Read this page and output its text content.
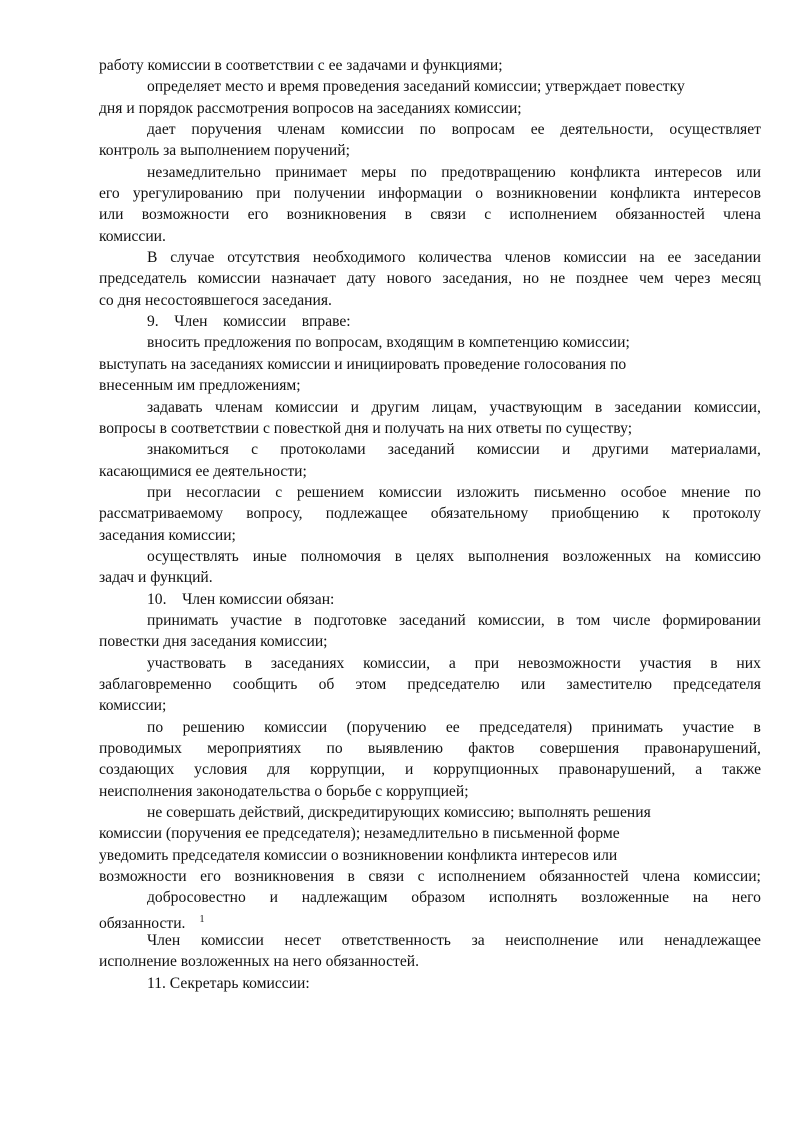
работу комиссии в соответствии с ее задачами и функциями;
определяет место и время проведения заседаний комиссии; утверждает повестку
дня и порядок рассмотрения вопросов на заседаниях комиссии;
дает поручения членам комиссии по вопросам ее деятельности, осуществляет
контроль за выполнением поручений;
незамедлительно принимает меры по предотвращению конфликта интересов или
его урегулированию при получении информации о возникновении конфликта интересов
или возможности его возникновения в связи с исполнением обязанностей члена
комиссии.
В случае отсутствия необходимого количества членов комиссии на ее заседании
председатель комиссии назначает дату нового заседания, но не позднее чем через месяц
со дня несостоявшегося заседания.
9.    Член    комиссии    вправе:
вносить предложения по вопросам, входящим в компетенцию комиссии;
выступать на заседаниях комиссии и инициировать проведение голосования по
внесенным им предложениям;
задавать членам комиссии и другим лицам, участвующим в заседании комиссии,
вопросы в соответствии с повесткой дня и получать на них ответы по существу;
знакомиться с протоколами заседаний комиссии и другими материалами,
касающимися ее деятельности;
при несогласии с решением комиссии изложить письменно особое мнение по
рассматриваемому вопросу, подлежащее обязательному приобщению к протоколу
заседания комиссии;
осуществлять иные полномочия в целях выполнения возложенных на комиссию
задач и функций.
10.    Член комиссии обязан:
принимать участие в подготовке заседаний комиссии, в том числе формировании
повестки дня заседания комиссии;
участвовать в заседаниях комиссии, а при невозможности участия в них
заблаговременно сообщить об этом председателю или заместителю председателя
комиссии;
по решению комиссии (поручению ее председателя) принимать участие в
проводимых мероприятиях по выявлению фактов совершения правонарушений,
создающих условия для коррупции, и коррупционных правонарушений, а также
неисполнения законодательства о борьбе с коррупцией;
не совершать действий, дискредитирующих комиссию; выполнять решения
комиссии (поручения ее председателя); незамедлительно в письменной форме
уведомить председателя комиссии о возникновении конфликта интересов или
возможности его возникновения в связи с исполнением обязанностей члена комиссии;
добросовестно и надлежащим образом исполнять возложенные на него
обязанности. $^1$
Член комиссии несет ответственность за неисполнение или ненадлежащее
исполнение возложенных на него обязанностей.
11. Секретарь комиссии:
